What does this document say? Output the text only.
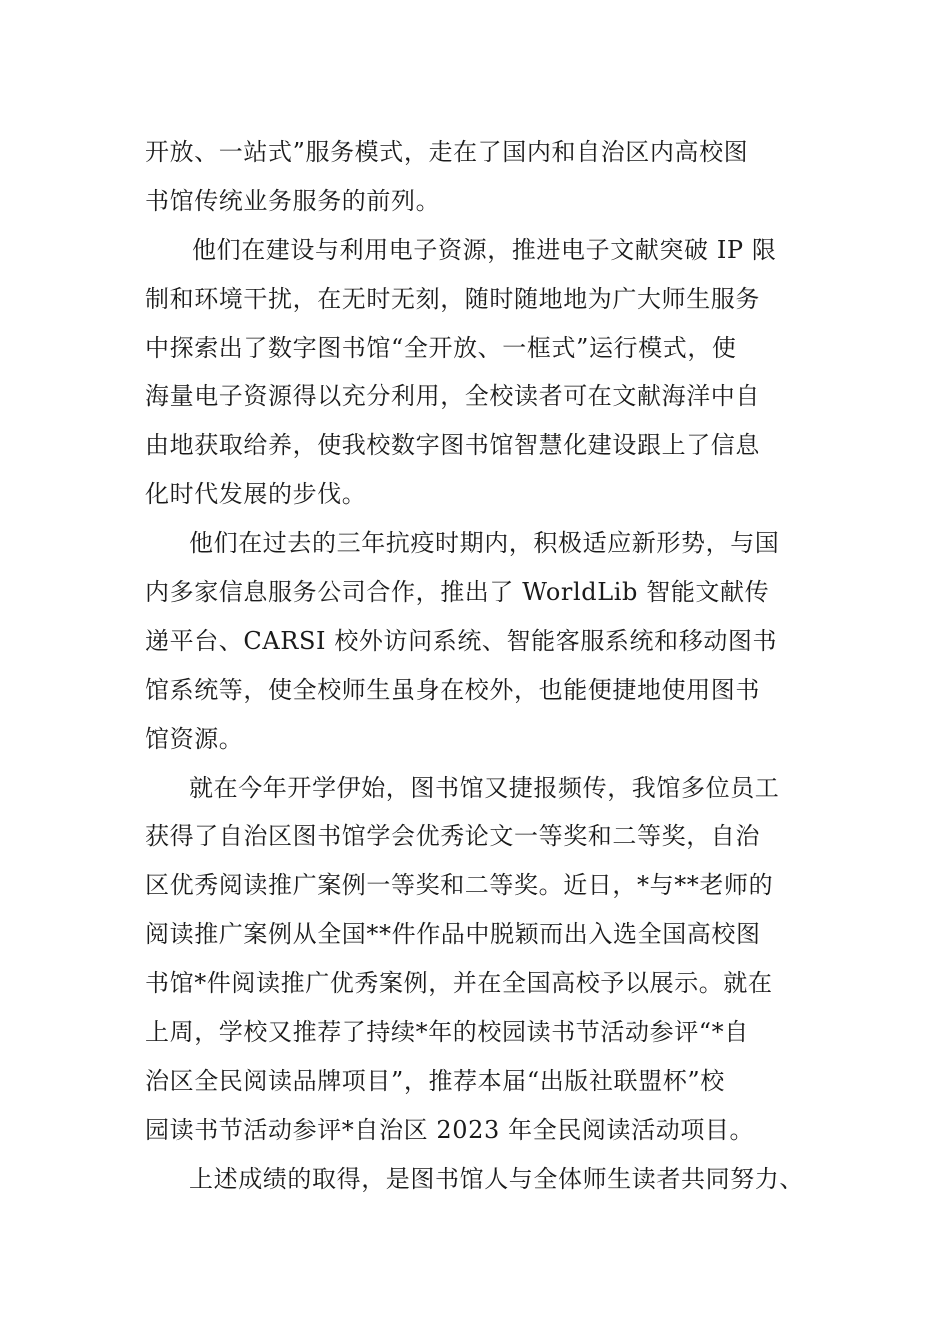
开放、一站式”服务模式，走在了国内和自治区内高校图
书馆传统业务服务的前列。
他们在建设与利用电子资源，推进电子文献突破 IP 限
制和环境干扰，在无时无刻，随时随地地为广大师生服务
中探索出了数字图书馆“全开放、一框式”运行模式，使
海量电子资源得以充分利用，全校读者可在文献海洋中自
由地获取给养，使我校数字图书馆智慧化建设跟上了信息
化时代发展的步伐。
他们在过去的三年抗疫时期内，积极适应新形势，与国
内多家信息服务公司合作，推出了 WorldLib 智能文献传
递平台、CARSI 校外访问系统、智能客服系统和移动图书
馆系统等，使全校师生虽身在校外，也能便捷地使用图书
馆资源。
就在今年开学伊始，图书馆又捷报频传，我馆多位员工
获得了自治区图书馆学会优秀论文一等奖和二等奖，自治
区优秀阅读推广案例一等奖和二等奖。近日，*与**老师的
阅读推广案例从全国**件作品中脱颖而出入选全国高校图
书馆*件阅读推广优秀案例，并在全国高校予以展示。就在
上周，学校又推荐了持续*年的校园读书节活动参评“*自
治区全民阅读品牌项目”，推荐本届“出版社联盟杯”校
园读书节活动参评*自治区 2023 年全民阅读活动项目。
上述成绩的取得，是图书馆人与全体师生读者共同努力、
